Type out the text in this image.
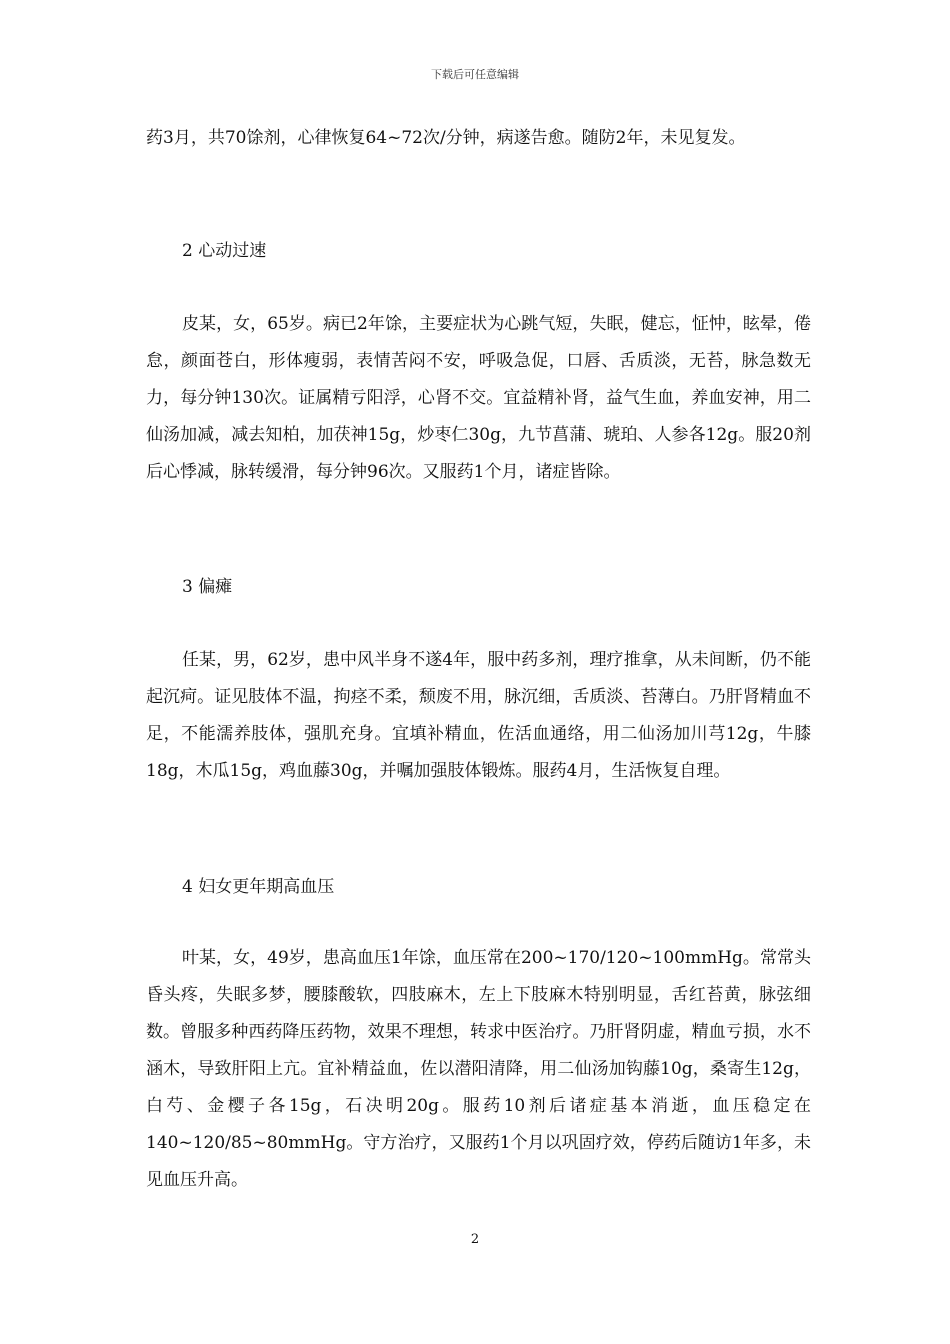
下载后可任意编辑

药3月，共70馀剂，心律恢复64~72次/分钟，病遂告愈。随防2年，未见复发。

2 心动过速

皮某，女，65岁。病已2年馀，主要症状为心跳气短，失眠，健忘，怔忡，眩晕，倦怠，颜面苍白，形体瘦弱，表情苦闷不安，呼吸急促，口唇、舌质淡，无苔，脉急数无力，每分钟130次。证属精亏阳浮，心肾不交。宜益精补肾，益气生血，养血安神，用二仙汤加减，减去知柏，加茯神15g，炒枣仁30g，九节菖蒲、琥珀、人参各12g。服20剂后心悸减，脉转缓滑，每分钟96次。又服药1个月，诸症皆除。

3 偏瘫

任某，男，62岁，患中风半身不遂4年，服中药多剂，理疗推拿，从未间断，仍不能起沉疴。证见肢体不温，拘痉不柔，颓废不用，脉沉细，舌质淡、苔薄白。乃肝肾精血不足，不能濡养肢体，强肌充身。宜填补精血，佐活血通络，用二仙汤加川芎12g，牛膝18g，木瓜15g，鸡血藤30g，并嘱加强肢体锻炼。服药4月，生活恢复自理。

4 妇女更年期高血压

叶某，女，49岁，患高血压1年馀，血压常在200~170/120~100mmHg。常常头昏头疼，失眠多梦，腰膝酸软，四肢麻木，左上下肢麻木特别明显，舌红苔黄，脉弦细数。曾服多种西药降压药物，效果不理想，转求中医治疗。乃肝肾阴虚，精血亏损，水不涵木，导致肝阳上亢。宜补精益血，佐以潜阳清降，用二仙汤加钩藤10g，桑寄生12g，白芍、金樱子各15g，石决明20g。服药10剂后诸症基本消逝，血压稳定在140~120/85~80mmHg。守方治疗，又服药1个月以巩固疗效，停药后随访1年多，未见血压升高。

2
